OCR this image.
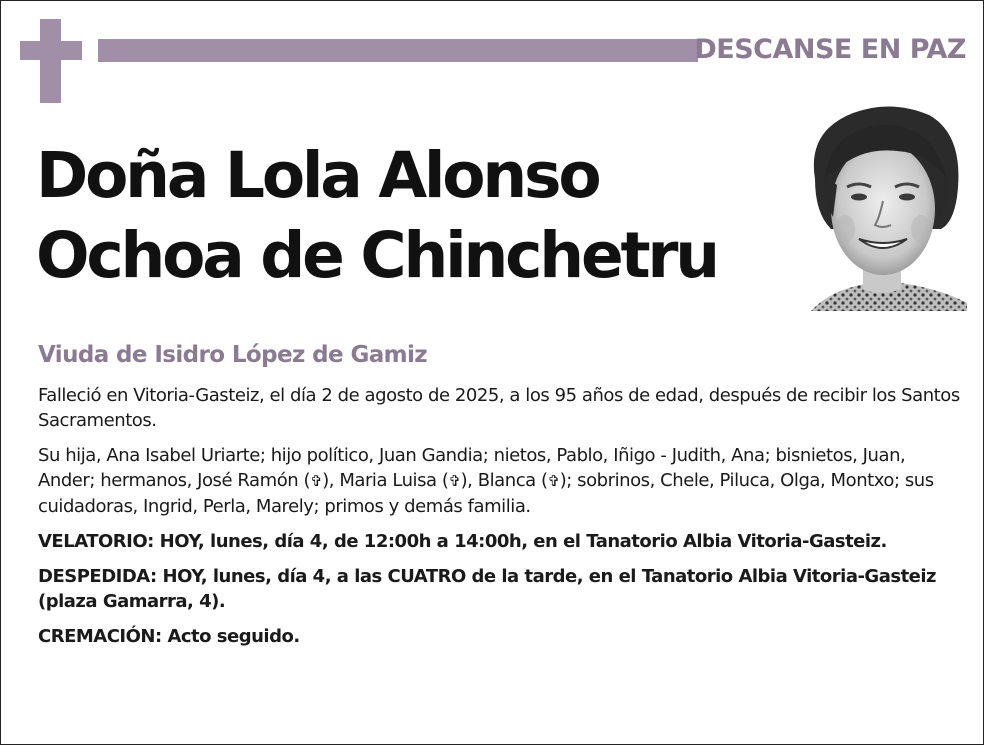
DESCANSE EN PAZ
Doña Lola Alonso
Ochoa de Chinchetru
Viuda de Isidro López de Gamiz

Falleció en Vitoria-Gasteiz, el día 2 de agosto de 2025, a los 95 años de edad, después de recibir los Santos Sacramentos.

Su hija, Ana Isabel Uriarte; hijo político, Juan Gandia; nietos, Pablo, Iñigo - Judith, Ana; bisnietos, Juan, Ander; hermanos, José Ramón (✞), Maria Luisa (✞), Blanca (✞); sobrinos, Chele, Piluca, Olga, Montxo; sus cuidadoras, Ingrid, Perla, Marely; primos y demás familia.

VELATORIO: HOY, lunes, día 4, de 12:00h a 14:00h, en el Tanatorio Albia Vitoria-Gasteiz.

DESPEDIDA: HOY, lunes, día 4, a las CUATRO de la tarde, en el Tanatorio Albia Vitoria-Gasteiz (plaza Gamarra, 4).

CREMACIÓN: Acto seguido.
